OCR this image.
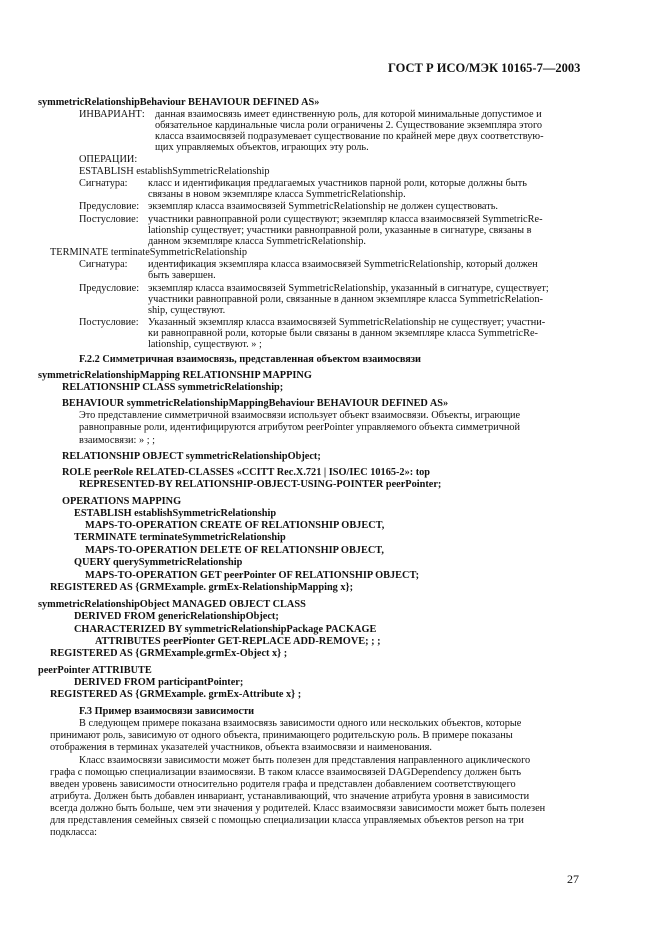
ГОСТ Р ИСО/МЭК 10165-7—2003
symmetricRelationshipBehaviour BEHAVIOUR DEFINED AS»
ИНВАРИАНТ: данная взаимосвязь имеет единственную роль, для которой минимальные допустимое и
обязательное кардинальные числа роли ограничены 2. Существование экземпляра этого
класса взаимосвязей подразумевает существование по крайней мере двух соответствую-
щих управляемых объектов, играющих эту роль.
ОПЕРАЦИИ:
ESTABLISH establishSymmetricRelationship
Сигнатура: класс и идентификация предлагаемых участников парной роли, которые должны быть
связаны в новом экземпляре класса SymmetricRelationship.
Предусловие: экземпляр класса взаимосвязей SymmetricRelationship не должен существовать.
Постусловие: участники равноправной роли существуют; экземпляр класса взаимосвязей SymmetricRe-
lationship существует; участники равноправной роли, указанные в сигнатуре, связаны в
данном экземпляре класса SymmetricRelationship.
TERMINATE terminateSymmetricRelationship
Сигнатура: идентификация экземпляра класса взаимосвязей SymmetricRelationship, который должен
быть завершен.
Предусловие: экземпляр класса взаимосвязей SymmetricRelationship, указанный в сигнатуре, существует;
участники равноправной роли, связанные в данном экземпляре класса SymmetricRelation-
ship, существуют.
Постусловие: Указанный экземпляр класса взаимосвязей SymmetricRelationship не существует; участни-
ки равноправной роли, которые были связаны в данном экземпляре класса SymmetricRe-
lationship, существуют. » ;
F.2.2 Симметричная взаимосвязь, представленная объектом взаимосвязи
symmetricRelationshipMapping RELATIONSHIP MAPPING
RELATIONSHIP CLASS symmetricRelationship;
BEHAVIOUR symmetricRelationshipMappingBehaviour BEHAVIOUR DEFINED AS»
Это представление симметричной взаимосвязи использует объект взаимосвязи. Объекты, играющие
равноправные роли, идентифицируются атрибутом peerPointer управляемого объекта симметричной
взаимосвязи: » ; ;
RELATIONSHIP OBJECT symmetricRelationshipObject;
ROLE peerRole RELATED-CLASSES «CCITT Rec.X.721 | ISO/IEC 10165-2»: top
REPRESENTED-BY RELATIONSHIP-OBJECT-USING-POINTER peerPointer;
OPERATIONS MAPPING
ESTABLISH establishSymmetricRelationship
MAPS-TO-OPERATION CREATE OF RELATIONSHIP OBJECT,
TERMINATE terminateSymmetricRelationship
MAPS-TO-OPERATION DELETE OF RELATIONSHIP OBJECT,
QUERY querySymmetricRelationship
MAPS-TO-OPERATION GET peerPointer OF RELATIONSHIP OBJECT;
REGISTERED AS {GRMExample. grmEx-RelationshipMapping x};
symmetricRelationshipObject MANAGED OBJECT CLASS
DERIVED FROM genericRelationshipObject;
CHARACTERIZED BY symmetricRelationshipPackage PACKAGE
ATTRIBUTES peerPionter GET-REPLACE ADD-REMOVE; ; ;
REGISTERED AS {GRMExample.grmEx-Object x} ;
peerPointer ATTRIBUTE
DERIVED FROM participantPointer;
REGISTERED AS {GRMExample. grmEx-Attribute x} ;
F.3 Пример взаимосвязи зависимости
В следующем примере показана взаимосвязь зависимости одного или нескольких объектов, которые
принимают роль, зависимую от одного объекта, принимающего родительскую роль. В примере показаны
отображения в терминах указателей участников, объекта взаимосвязи и наименования.
Класс взаимосвязи зависимости может быть полезен для представления направленного ациклического
графа с помощью специализации взаимосвязи. В таком классе взаимосвязей DAGDependency должен быть
введен уровень зависимости относительно родителя графа и представлен добавлением соответствующего
атрибута. Должен быть добавлен инвариант, устанавливающий, что значение атрибута уровня в зависимости
всегда должно быть больше, чем эти значения у родителей. Класс взаимосвязи зависимости может быть полезен
для представления семейных связей с помощью специализации класса управляемых объектов person на три
подкласса:
27
